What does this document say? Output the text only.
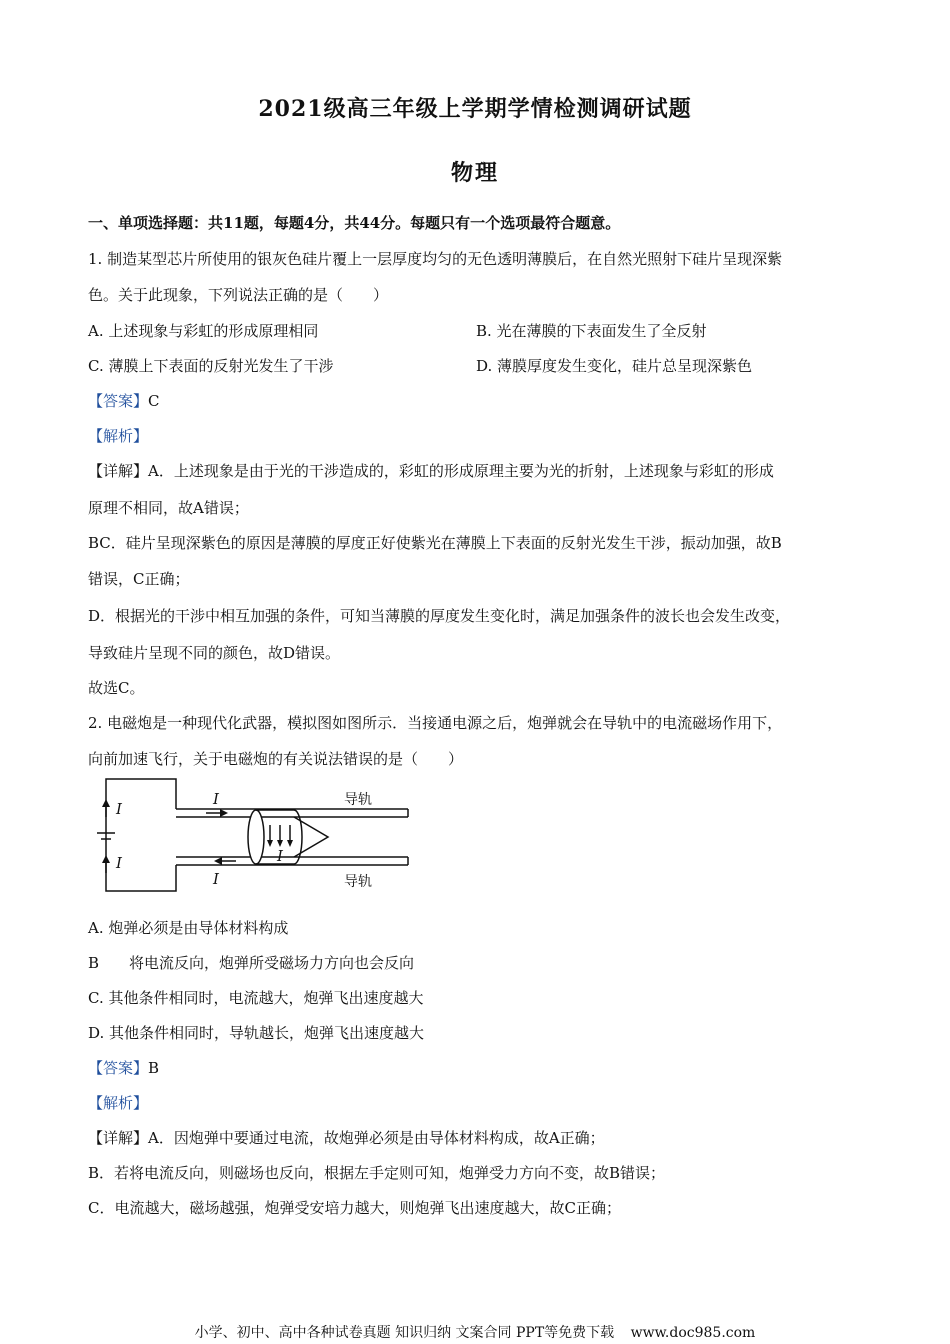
2021级高三年级上学期学情检测调研试题
物理
一、单项选择题：共11题，每题4分，共44分。每题只有一个选项最符合题意。
1. 制造某型芯片所使用的银灰色硅片覆上一层厚度均匀的无色透明薄膜后，在自然光照射下硅片呈现深紫
色。关于此现象，下列说法正确的是（　　）
A. 上述现象与彩虹的形成原理相同	B. 光在薄膜的下表面发生了全反射
C. 薄膜上下表面的反射光发生了干涉	D. 薄膜厚度发生变化，硅片总呈现深紫色
【答案】C
【解析】
【详解】A．上述现象是由于光的干涉造成的，彩虹的形成原理主要为光的折射，上述现象与彩虹的形成
原理不相同，故A错误；
BC．硅片呈现深紫色的原因是薄膜的厚度正好使紫光在薄膜上下表面的反射光发生干涉，振动加强，故B
错误，C正确；
D．根据光的干涉中相互加强的条件，可知当薄膜的厚度发生变化时，满足加强条件的波长也会发生改变，
导致硅片呈现不同的颜色，故D错误。
故选C。
2. 电磁炮是一种现代化武器，模拟图如图所示．当接通电源之后，炮弹就会在导轨中的电流磁场作用下，
向前加速飞行，关于电磁炮的有关说法错误的是（　　）
I
I
I
I
I
导轨
导轨
A. 炮弹必须是由导体材料构成
B　　将电流反向，炮弹所受磁场力方向也会反向
C. 其他条件相同时，电流越大，炮弹飞出速度越大
D. 其他条件相同时，导轨越长，炮弹飞出速度越大
【答案】B
【解析】
【详解】A．因炮弹中要通过电流，故炮弹必须是由导体材料构成，故A正确；
B．若将电流反向，则磁场也反向，根据左手定则可知，炮弹受力方向不变，故B错误；
C．电流越大，磁场越强，炮弹受安培力越大，则炮弹飞出速度越大，故C正确；
小学、初中、高中各种试卷真题 知识归纳 文案合同 PPT等免费下载 www.doc985.com
